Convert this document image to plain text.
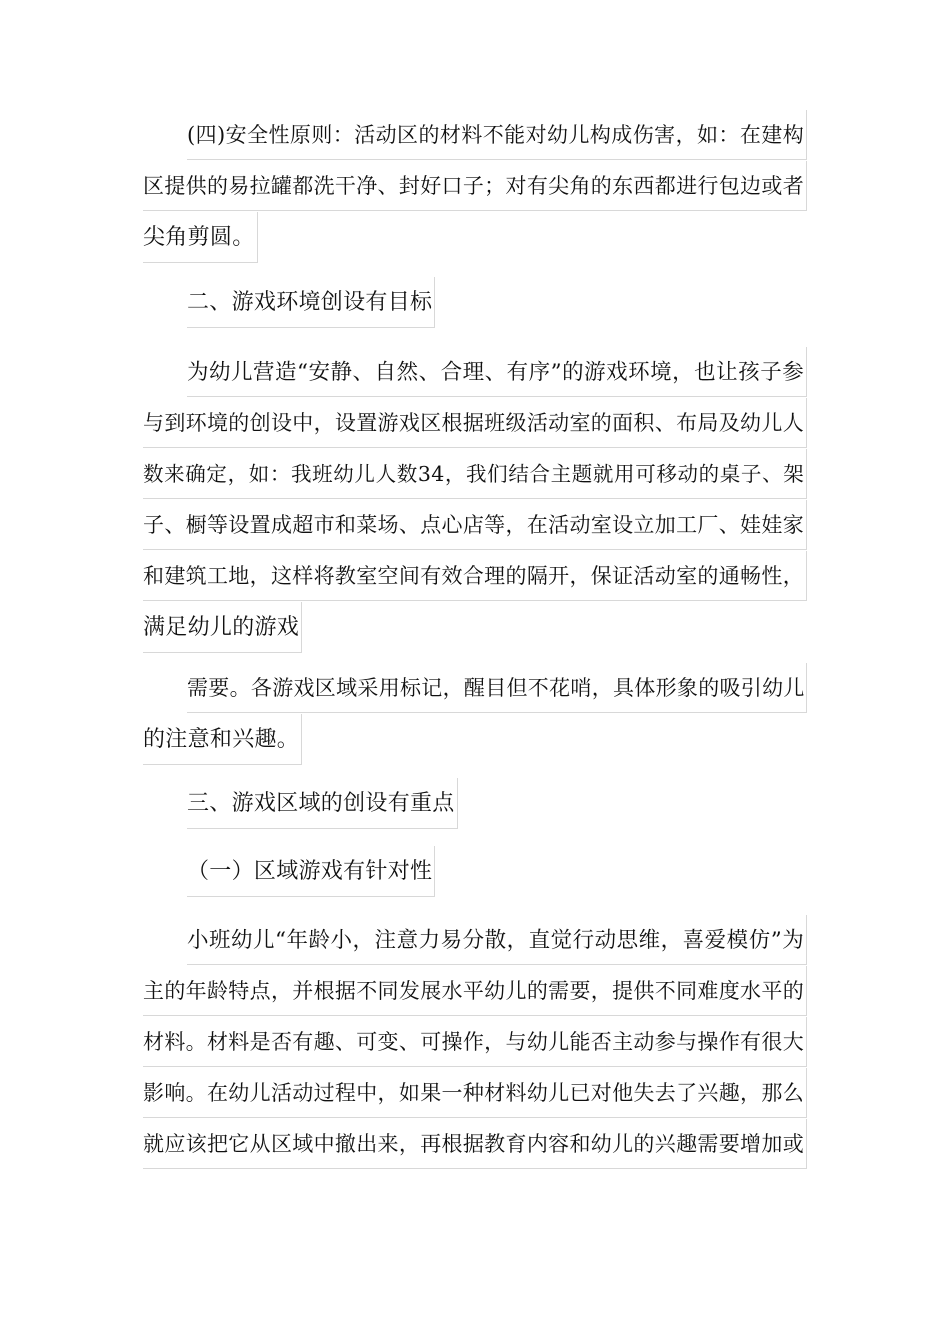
(四)安全性原则：活动区的材料不能对幼儿构成伤害，如：在建构
区提供的易拉罐都洗干净、封好口子；对有尖角的东西都进行包边或者
尖角剪圆。
二、游戏环境创设有目标
为幼儿营造“安静、自然、合理、有序”的游戏环境，也让孩子参
与到环境的创设中，设置游戏区根据班级活动室的面积、布局及幼儿人
数来确定，如：我班幼儿人数34，我们结合主题就用可移动的桌子、架
子、橱等设置成超市和菜场、点心店等，在活动室设立加工厂、娃娃家
和建筑工地，这样将教室空间有效合理的隔开，保证活动室的通畅性，
满足幼儿的游戏
需要。各游戏区域采用标记，醒目但不花哨，具体形象的吸引幼儿
的注意和兴趣。
三、游戏区域的创设有重点
（一）区域游戏有针对性
小班幼儿“年龄小，注意力易分散，直觉行动思维，喜爱模仿”为
主的年龄特点，并根据不同发展水平幼儿的需要，提供不同难度水平的
材料。材料是否有趣、可变、可操作，与幼儿能否主动参与操作有很大
影响。在幼儿活动过程中，如果一种材料幼儿已对他失去了兴趣，那么
就应该把它从区域中撤出来，再根据教育内容和幼儿的兴趣需要增加或
